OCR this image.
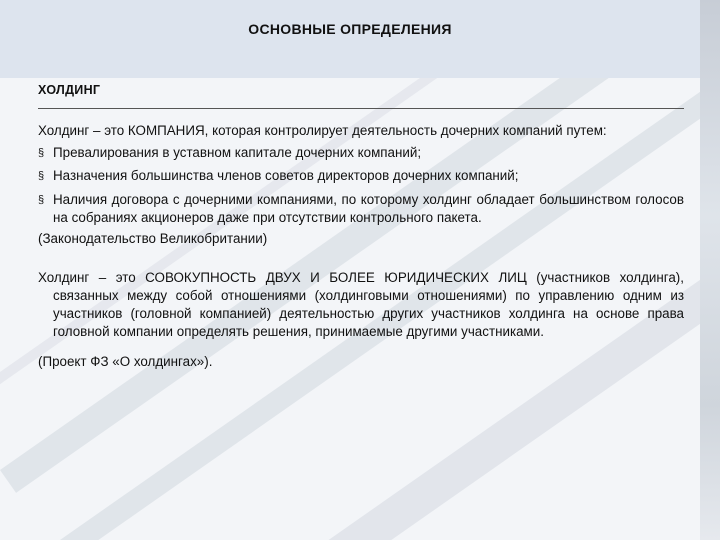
ОСНОВНЫЕ ОПРЕДЕЛЕНИЯ
ХОЛДИНГ

Холдинг – это КОМПАНИЯ, которая контролирует деятельность дочерних компаний путем:

§ Превалирования в уставном капитале дочерних компаний;
§ Назначения большинства членов советов директоров дочерних компаний;
§ Наличия договора с дочерними компаниями, по которому холдинг обладает большинством голосов на собраниях акционеров даже при отсутствии контрольного пакета.

(Законодательство Великобритании)

Холдинг – это СОВОКУПНОСТЬ ДВУХ И БОЛЕЕ ЮРИДИЧЕСКИХ ЛИЦ (участников холдинга), связанных между собой отношениями (холдинговыми отношениями) по управлению одним из участников (головной компанией) деятельностью других участников холдинга на основе права головной компании определять решения, принимаемые другими участниками.

(Проект ФЗ «О холдингах»).
